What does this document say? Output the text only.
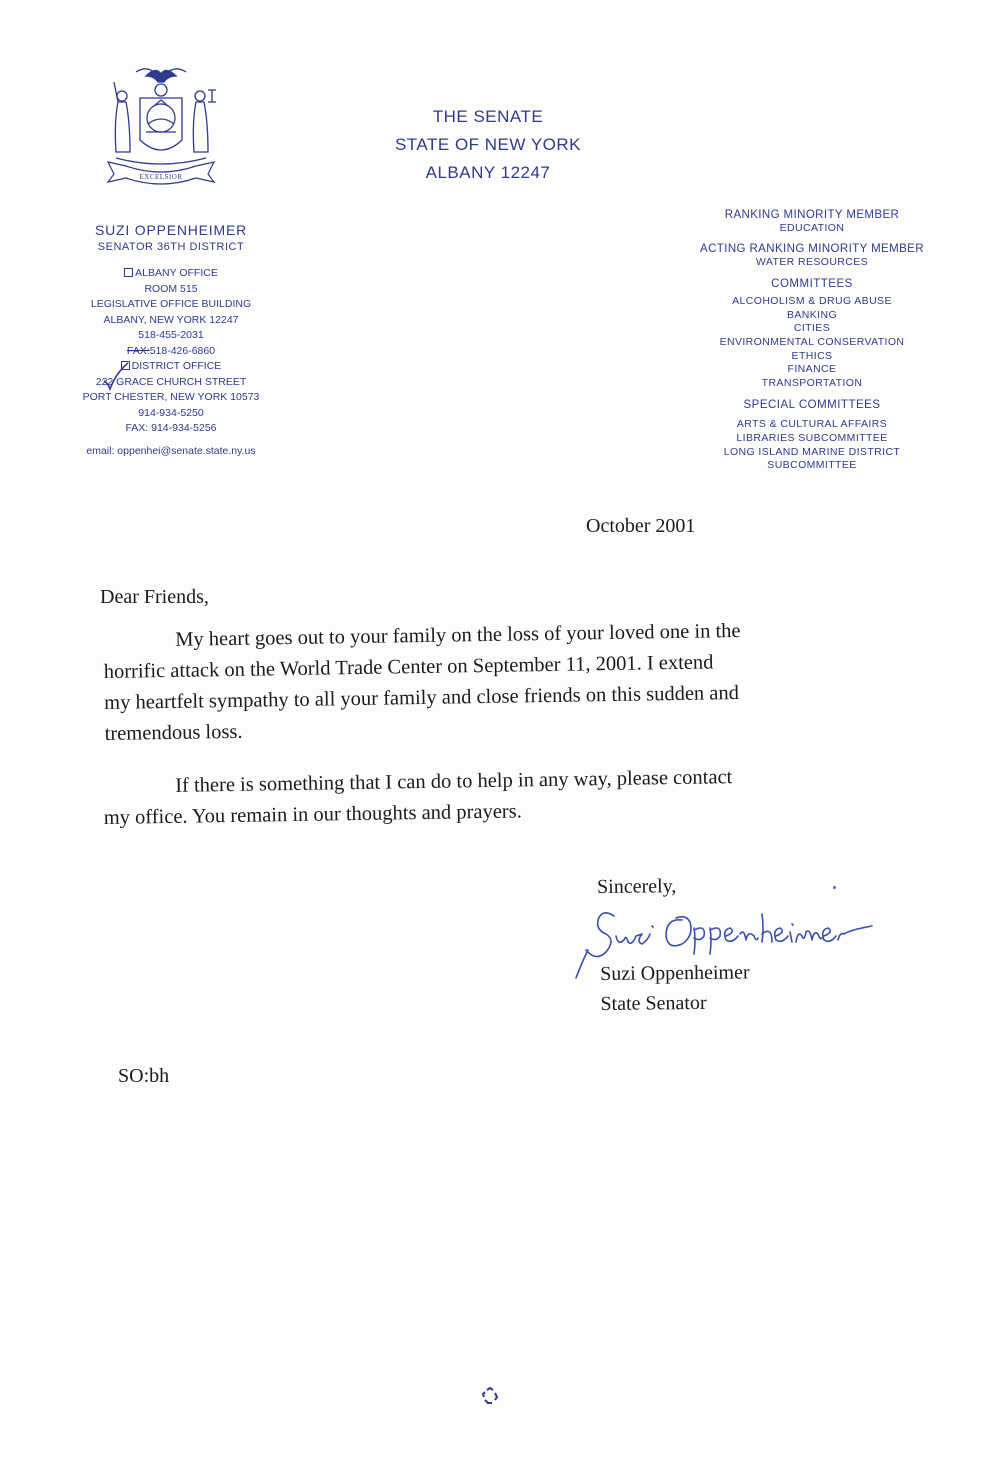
EXCELSIOR
THE SENATE
STATE OF NEW YORK
ALBANY 12247
SUZI OPPENHEIMER
SENATOR 36TH DISTRICT
ALBANY OFFICE
ROOM 515
LEGISLATIVE OFFICE BUILDING
ALBANY, NEW YORK 12247
518-455-2031
FAX:518-426-6860
DISTRICT OFFICE
222 GRACE CHURCH STREET
PORT CHESTER, NEW YORK 10573
914-934-5250
FAX: 914-934-5256
email: oppenhei@senate.state.ny.us
RANKING MINORITY MEMBER
EDUCATION
ACTING RANKING MINORITY MEMBER
WATER RESOURCES
COMMITTEES
ALCOHOLISM & DRUG ABUSE
BANKING
CITIES
ENVIRONMENTAL CONSERVATION
ETHICS
FINANCE
TRANSPORTATION
SPECIAL COMMITTEES
ARTS & CULTURAL AFFAIRS
LIBRARIES SUBCOMMITTEE
LONG ISLAND MARINE DISTRICT
SUBCOMMITTEE
October 2001
Dear Friends,
My heart goes out to your family on the loss of your loved one in the
horrific attack on the World Trade Center on September 11, 2001. I extend
my heartfelt sympathy to all your family and close friends on this sudden and
tremendous loss.
If there is something that I can do to help in any way, please contact
my office. You remain in our thoughts and prayers.
Sincerely,
Suzi Oppenheimer
State Senator
SO:bh
